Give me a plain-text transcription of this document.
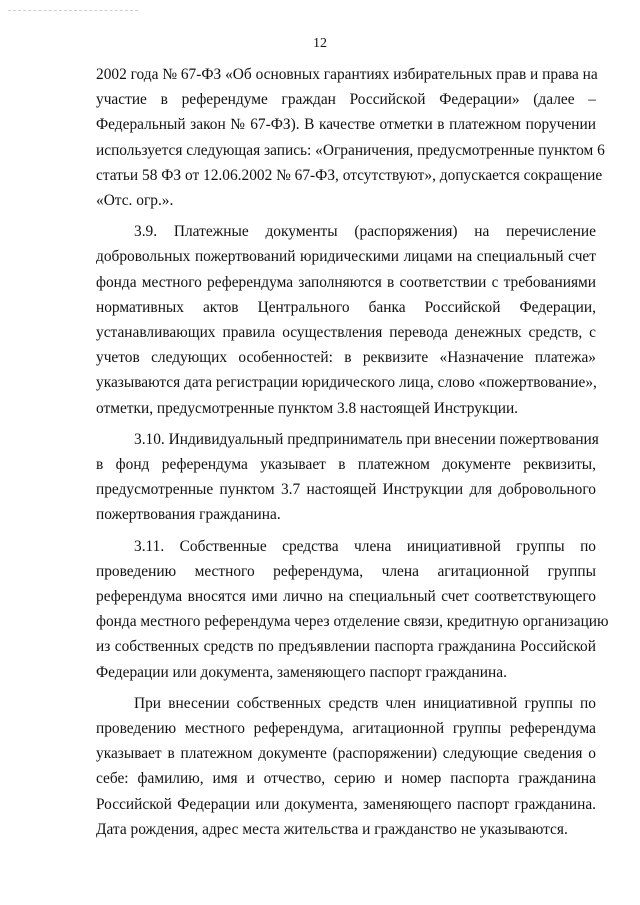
12
2002 года № 67-ФЗ «Об основных гарантиях избирательных прав и права на
участие в референдуме граждан Российской Федерации» (далее –
Федеральный закон № 67-ФЗ). В качестве отметки в платежном поручении
используется следующая запись: «Ограничения, предусмотренные пунктом 6
статьи 58 ФЗ от 12.06.2002 № 67-ФЗ, отсутствуют», допускается сокращение
«Отс. огр.».
3.9. Платежные документы (распоряжения) на перечисление
добровольных пожертвований юридическими лицами на специальный счет
фонда местного референдума заполняются в соответствии с требованиями
нормативных актов Центрального банка Российской Федерации,
устанавливающих правила осуществления перевода денежных средств, с
учетов следующих особенностей: в реквизите «Назначение платежа»
указываются дата регистрации юридического лица, слово «пожертвование»,
отметки, предусмотренные пунктом 3.8 настоящей Инструкции.
3.10. Индивидуальный предприниматель при внесении пожертвования
в фонд референдума указывает в платежном документе реквизиты,
предусмотренные пунктом 3.7 настоящей Инструкции для добровольного
пожертвования гражданина.
3.11. Собственные средства члена инициативной группы по
проведению местного референдума, члена агитационной группы
референдума вносятся ими лично на специальный счет соответствующего
фонда местного референдума через отделение связи, кредитную организацию
из собственных средств по предъявлении паспорта гражданина Российской
Федерации или документа, заменяющего паспорт гражданина.
При внесении собственных средств член инициативной группы по
проведению местного референдума, агитационной группы референдума
указывает в платежном документе (распоряжении) следующие сведения о
себе: фамилию, имя и отчество, серию и номер паспорта гражданина
Российской Федерации или документа, заменяющего паспорт гражданина.
Дата рождения, адрес места жительства и гражданство не указываются.
